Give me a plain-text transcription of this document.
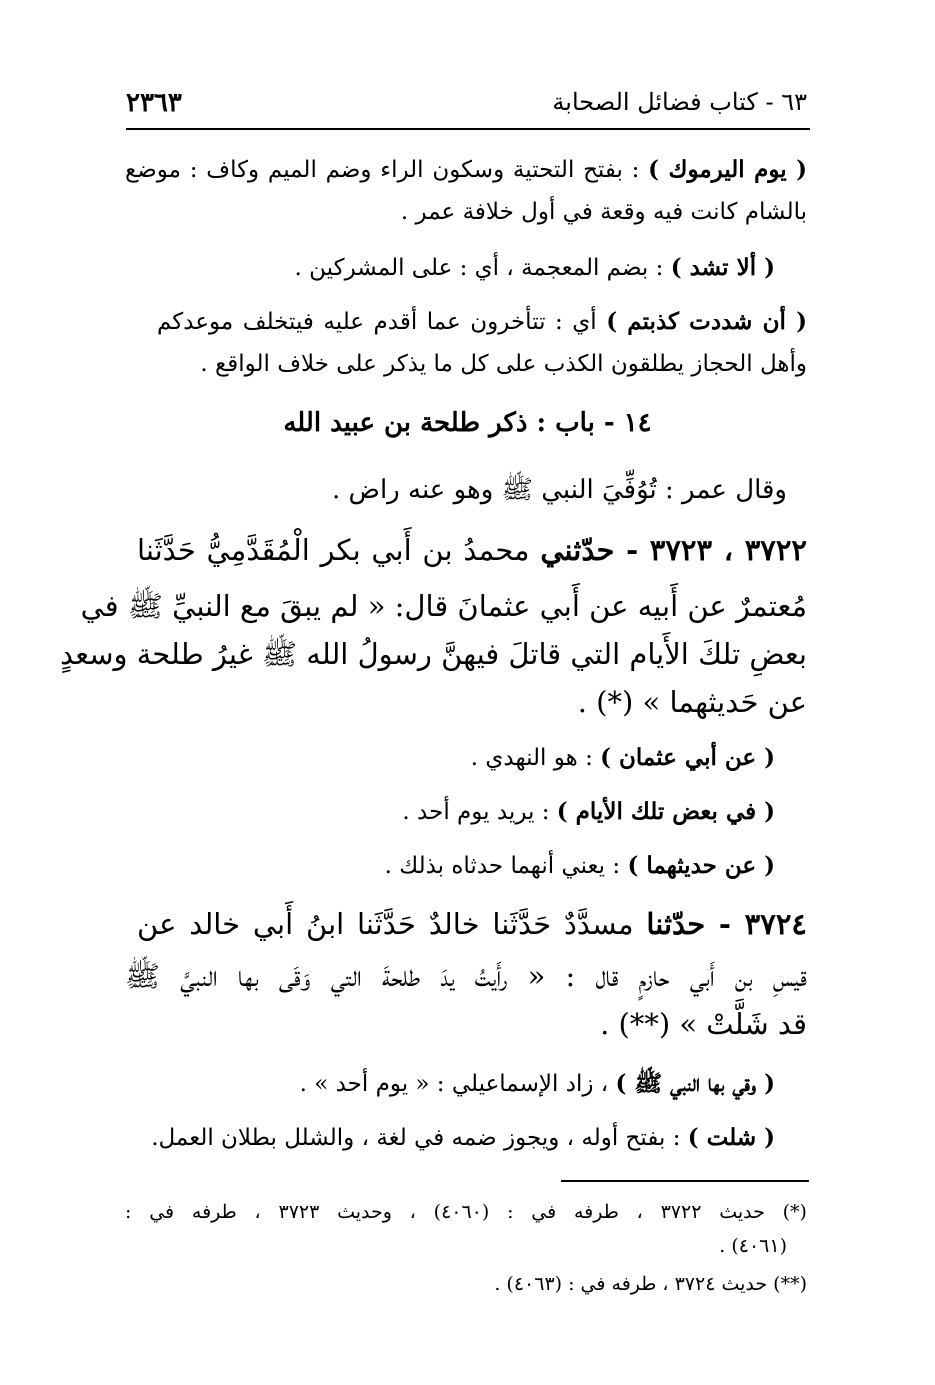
٦٣ - كتاب فضائل الصحابة
٢٣٦٣
( يوم اليرموك ) : بفتح التحتية وسكون الراء وضم الميم وكاف : موضع
بالشام كانت فيه وقعة في أول خلافة عمر .
( ألا تشد ) : بضم المعجمة ، أي : على المشركين .
( أن شددت كذبتم ) أي : تتأخرون عما أقدم عليه فيتخلف موعدكم
وأهل الحجاز يطلقون الكذب على كل ما يذكر على خلاف الواقع .
١٤ - باب : ذكر طلحة بن عبيد الله
وقال عمر : تُوُفِّيَ النبي ﷺ وهو عنه راض .
٣٧٢٢ ، ٣٧٢٣ - حدّثني محمدُ بن أَبي بكر الْمُقَدَّمِيُّ حَدَّثَنا
مُعتمرٌ عن أَبيه عن أَبي عثمانَ قال: « لم يبقَ مع النبيِّ ﷺ في
بعضِ تلكَ الأَيام التي قاتلَ فيهنَّ رسولُ الله ﷺ غيرُ طلحة وسعدٍ
عن حَديثهما » (*) .
( عن أبي عثمان ) : هو النهدي .
( في بعض تلك الأيام ) : يريد يوم أحد .
( عن حديثهما ) : يعني أنهما حدثاه بذلك .
٣٧٢٤ - حدّثنا مسدَّدٌ حَدَّثَنا خالدٌ حَدَّثَنا ابنُ أَبي خالد عن
قيسِ بن أَبي حازمٍ قال : « رأَيتُ يدَ طلحةَ التي وَقَى بها النبيَّ ﷺ
قد شَلَّتْ » (**) .
( وقي بها النبي ﷺ ) ، زاد الإسماعيلي : « يوم أحد » .
( شلت ) : بفتح أوله ، ويجوز ضمه في لغة ، والشلل بطلان العمل.
(*) حديث ٣٧٢٢ ، طرفه في : (٤٠٦٠) ، وحديث ٣٧٢٣ ، طرفه في :
(٤٠٦١) .
(**) حديث ٣٧٢٤ ، طرفه في : (٤٠٦٣) .
